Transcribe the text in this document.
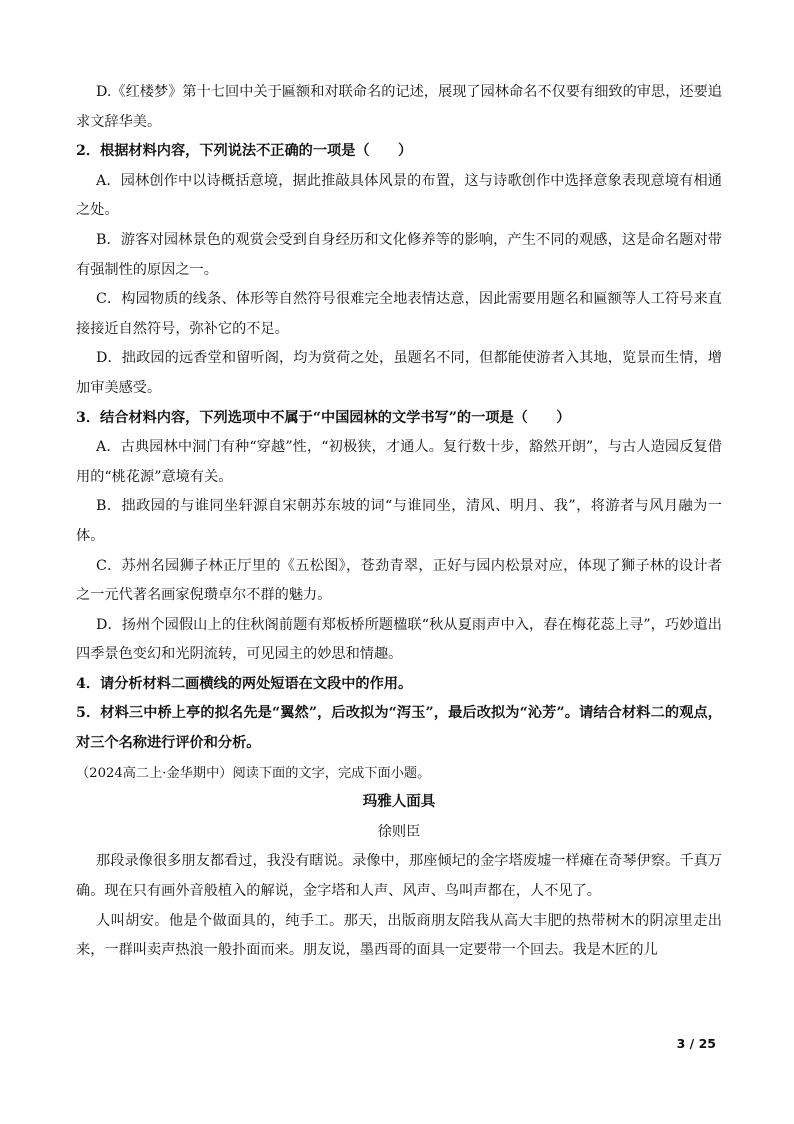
D.《红楼梦》第十七回中关于匾额和对联命名的记述，展现了园林命名不仅要有细致的审思，还要追求文辞华美。

2．根据材料内容，下列说法不正确的一项是（　　）

A．园林创作中以诗概括意境，据此推敲具体风景的布置，这与诗歌创作中选择意象表现意境有相通之处。

B．游客对园林景色的观赏会受到自身经历和文化修养等的影响，产生不同的观感，这是命名题对带有强制性的原因之一。

C．构园物质的线条、体形等自然符号很难完全地表情达意，因此需要用题名和匾额等人工符号来直接接近自然符号，弥补它的不足。

D．拙政园的远香堂和留听阁，均为赏荷之处，虽题名不同，但都能使游者入其地，览景而生情，增加审美感受。

3．结合材料内容，下列选项中不属于“中国园林的文学书写”的一项是（　　）

A．古典园林中洞门有种“穿越”性，“初极狭，才通人。复行数十步，豁然开朗”，与古人造园反复借用的“桃花源”意境有关。

B．拙政园的与谁同坐轩源自宋朝苏东坡的词“与谁同坐，清风、明月、我”，将游者与风月融为一体。

C．苏州名园狮子林正厅里的《五松图》，苍劲青翠，正好与园内松景对应，体现了狮子林的设计者之一元代著名画家倪瓒卓尔不群的魅力。

D．扬州个园假山上的住秋阁前题有郑板桥所题楹联“秋从夏雨声中入，春在梅花蕊上寻”，巧妙道出四季景色变幻和光阴流转，可见园主的妙思和情趣。

4．请分析材料二画横线的两处短语在文段中的作用。

5．材料三中桥上亭的拟名先是“翼然”，后改拟为“泻玉”，最后改拟为“沁芳”。请结合材料二的观点，对三个名称进行评价和分析。

（2024高二上·金华期中）阅读下面的文字，完成下面小题。

玛雅人面具

徐则臣

那段录像很多朋友都看过，我没有瞎说。录像中，那座倾圮的金字塔废墟一样瘫在奇琴伊察。千真万确。现在只有画外音般植入的解说，金字塔和人声、风声、鸟叫声都在，人不见了。

人叫胡安。他是个做面具的，纯手工。那天，出版商朋友陪我从高大丰肥的热带树木的阴凉里走出来，一群叫卖声热浪一般扑面而来。朋友说，墨西哥的面具一定要带一个回去。我是木匠的儿

3 / 25
